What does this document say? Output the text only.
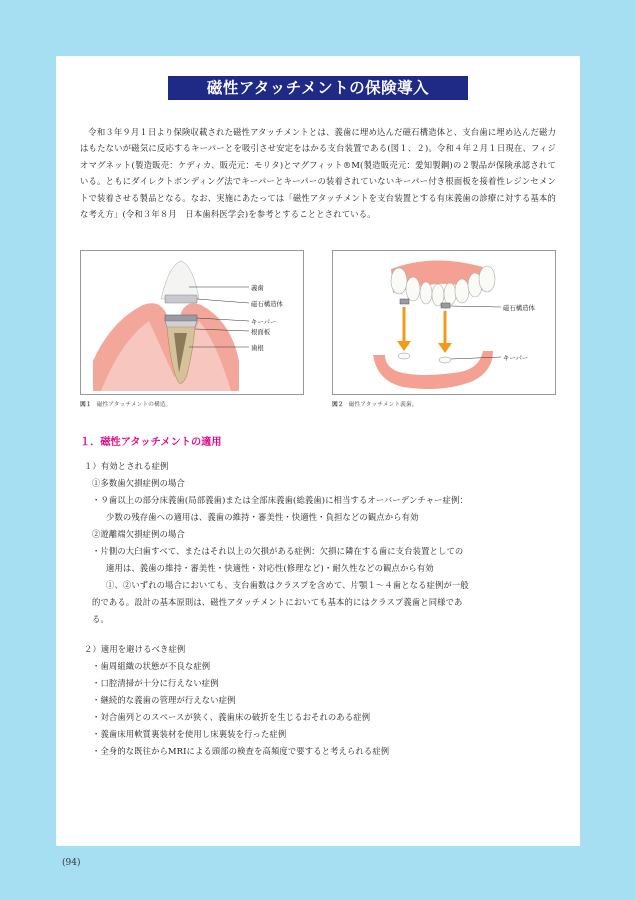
磁性アタッチメントの保険導入

令和３年９月１日より保険収載された磁性アタッチメントとは、義歯に埋め込んだ磁石構造体と、支台歯に埋め込んだ磁力はもたないが磁気に反応するキーパーとを吸引させ安定をはかる支台装置である(図１、２)。令和４年２月１日現在、フィジオマグネット(製造販売：ケディカ、販売元：モリタ)とマグフィット®M(製造販売元：愛知製鋼)の２製品が保険承認されている。ともにダイレクトボンディング法でキーパーとキーパーの装着されていないキーパー付き根面板を接着性レジンセメントで装着させる製品となる。なお、実施にあたっては「磁性アタッチメントを支台装置とする有床義歯の診療に対する基本的な考え方」(令和３年８月　日本歯科医学会)を参考とすることとされている。

義歯
磁石構造体
キーパー
根面板
歯根
図１ 磁性アタッチメントの構造。
磁石構造体
キーパー
図２ 磁性アタッチメント義歯。
１．磁性アタッチメントの適用
１）有効とされる症例
①多数歯欠損症例の場合
・９歯以上の部分床義歯(局部義歯)または全部床義歯(総義歯)に相当するオーバーデンチャー症例：
少数の残存歯への適用は、義歯の維持・審美性・快適性・負担などの観点から有効
②遊離端欠損症例の場合
・片側の大臼歯すべて、またはそれ以上の欠損がある症例：欠損に隣在する歯に支台装置としての
適用は、義歯の維持・審美性・快適性・対応性(修理など)・耐久性などの観点から有効
①、②いずれの場合においても、支台歯数はクラスプを含めて、片顎１～４歯となる症例が一般
的である。設計の基本原則は、磁性アタッチメントにおいても基本的にはクラスプ義歯と同様であ
る。
２）適用を避けるべき症例
・歯周組織の状態が不良な症例
・口腔清掃が十分に行えない症例
・継続的な義歯の管理が行えない症例
・対合歯列とのスペースが狭く、義歯床の破折を生じるおそれのある症例
・義歯床用軟質裏装材を使用し床裏装を行った症例
・全身的な既往からMRIによる頭部の検査を高頻度で要すると考えられる症例
(94)
